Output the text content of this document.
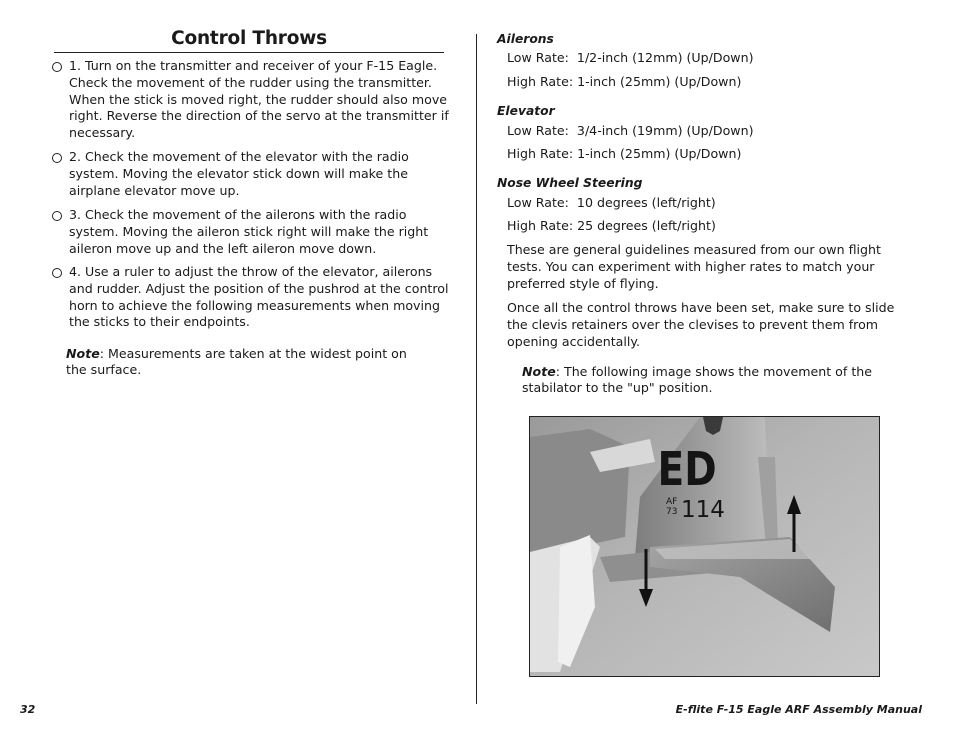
Control Throws
1. Turn on the transmitter and receiver of your F-15 Eagle. Check the movement of the rudder using the transmitter. When the stick is moved right, the rudder should also move right. Reverse the direction of the servo at the transmitter if necessary.
2. Check the movement of the elevator with the radio system. Moving the elevator stick down will make the airplane elevator move up.
3. Check the movement of the ailerons with the radio system. Moving the aileron stick right will make the right aileron move up and the left aileron move down.
4. Use a ruler to adjust the throw of the elevator, ailerons and rudder. Adjust the position of the pushrod at the control horn to achieve the following measurements when moving the sticks to their endpoints.
Note: Measurements are taken at the widest point on the surface.
Ailerons
Low Rate:  1/2-inch (12mm) (Up/Down)
High Rate: 1-inch (25mm) (Up/Down)
Elevator
Low Rate:  3/4-inch (19mm) (Up/Down)
High Rate: 1-inch (25mm) (Up/Down)
Nose Wheel Steering
Low Rate:  10 degrees (left/right)
High Rate: 25 degrees (left/right)
These are general guidelines measured from our own flight tests. You can experiment with higher rates to match your preferred style of flying.
Once all the control throws have been set, make sure to slide the clevis retainers over the clevises to prevent them from opening accidentally.
Note: The following image shows the movement of the stabilator to the "up" position.
ED
AF
73 114
32	E-flite F-15 Eagle ARF Assembly Manual
